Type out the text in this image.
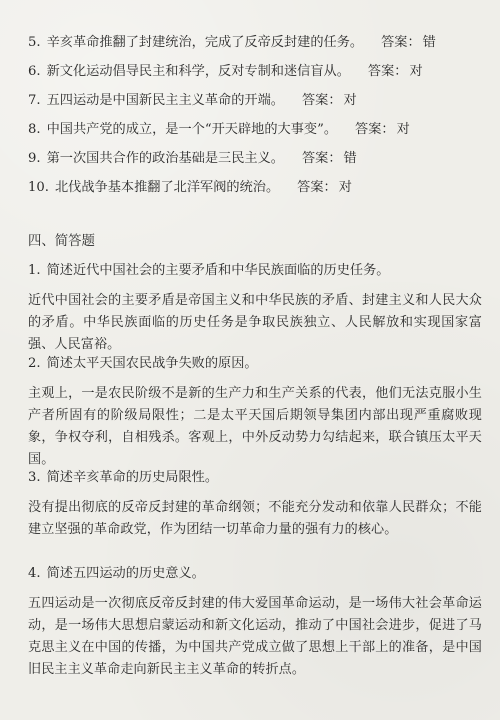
5. 辛亥革命推翻了封建统治，完成了反帝反封建的任务。 答案： 错
6. 新文化运动倡导民主和科学，反对专制和迷信盲从。 答案： 对
7. 五四运动是中国新民主主义革命的开端。 答案： 对
8. 中国共产党的成立，是一个“开天辟地的大事变”。 答案： 对
9. 第一次国共合作的政治基础是三民主义。 答案： 错
10. 北伐战争基本推翻了北洋军阀的统治。 答案： 对
四、简答题
1. 简述近代中国社会的主要矛盾和中华民族面临的历史任务。
近代中国社会的主要矛盾是帝国主义和中华民族的矛盾、封建主义和人民大众的矛盾。中华民族面临的历史任务是争取民族独立、人民解放和实现国家富强、人民富裕。
2. 简述太平天国农民战争失败的原因。
主观上，一是农民阶级不是新的生产力和生产关系的代表，他们无法克服小生产者所固有的阶级局限性；二是太平天国后期领导集团内部出现严重腐败现象，争权夺利，自相残杀。客观上，中外反动势力勾结起来，联合镇压太平天国。
3. 简述辛亥革命的历史局限性。
没有提出彻底的反帝反封建的革命纲领；不能充分发动和依靠人民群众；不能建立坚强的革命政党，作为团结一切革命力量的强有力的核心。
4. 简述五四运动的历史意义。
五四运动是一次彻底反帝反封建的伟大爱国革命运动，是一场伟大社会革命运动，是一场伟大思想启蒙运动和新文化运动，推动了中国社会进步，促进了马克思主义在中国的传播，为中国共产党成立做了思想上干部上的准备，是中国旧民主主义革命走向新民主主义革命的转折点。
